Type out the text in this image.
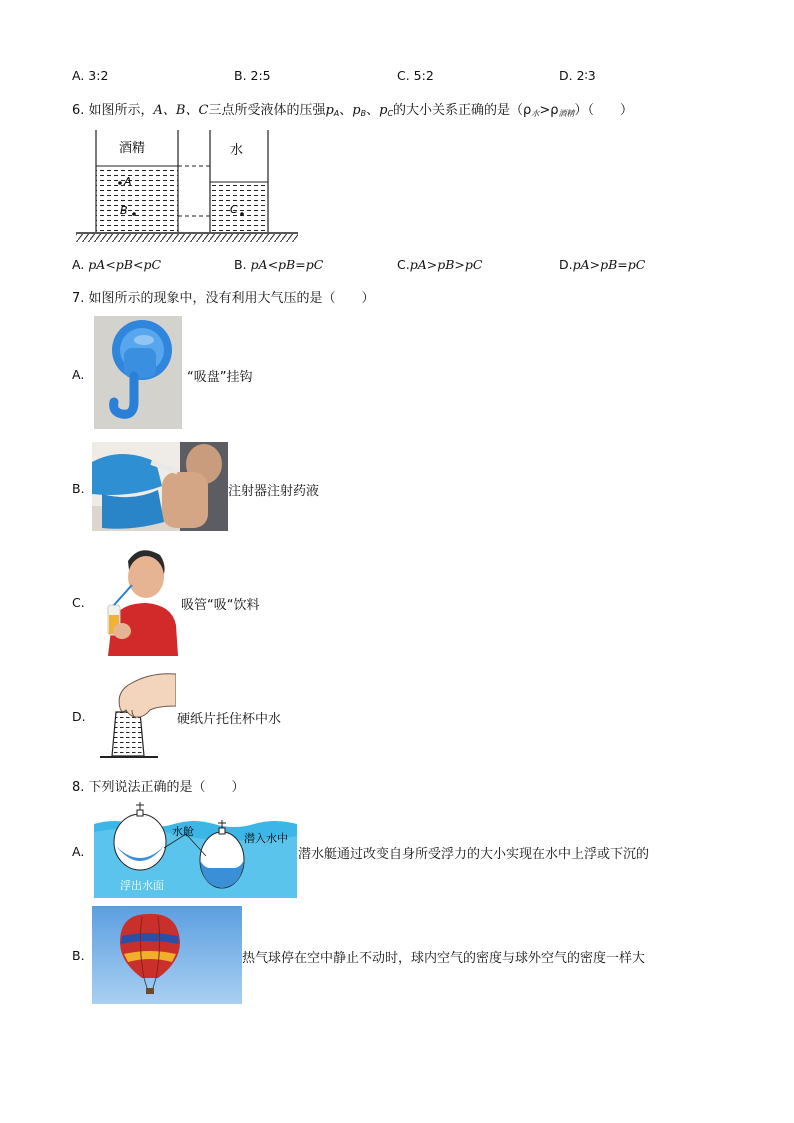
A. 3:2	B. 2:5	C. 5:2	D. 2∶3
6. 如图所示，A、B、C三点所受液体的压强$p_A$、$p_B$、$p_C$的大小关系正确的是$(\rho_水>\rho_{酒精})$（　　）
酒精	水
A
B	C
A. pA<pB<pC	B. pA<pB=pC	C.pA>pB>pC	D.pA>pB=pC
7. 如图所示的现象中，没有利用大气压的是（　　）
A.	“吸盘”挂钩
B.	注射器注射药液
C.	吸管“吸“饮料
D.	硬纸片托住杯中水
8. 下列说法正确的是（　　）
A.
水舱
潜入水中
浮出水面
潜水艇通过改变自身所受浮力的大小实现在水中上浮或下沉的
B.	热气球停在空中静止不动时，球内空气的密度与球外空气的密度一样大
